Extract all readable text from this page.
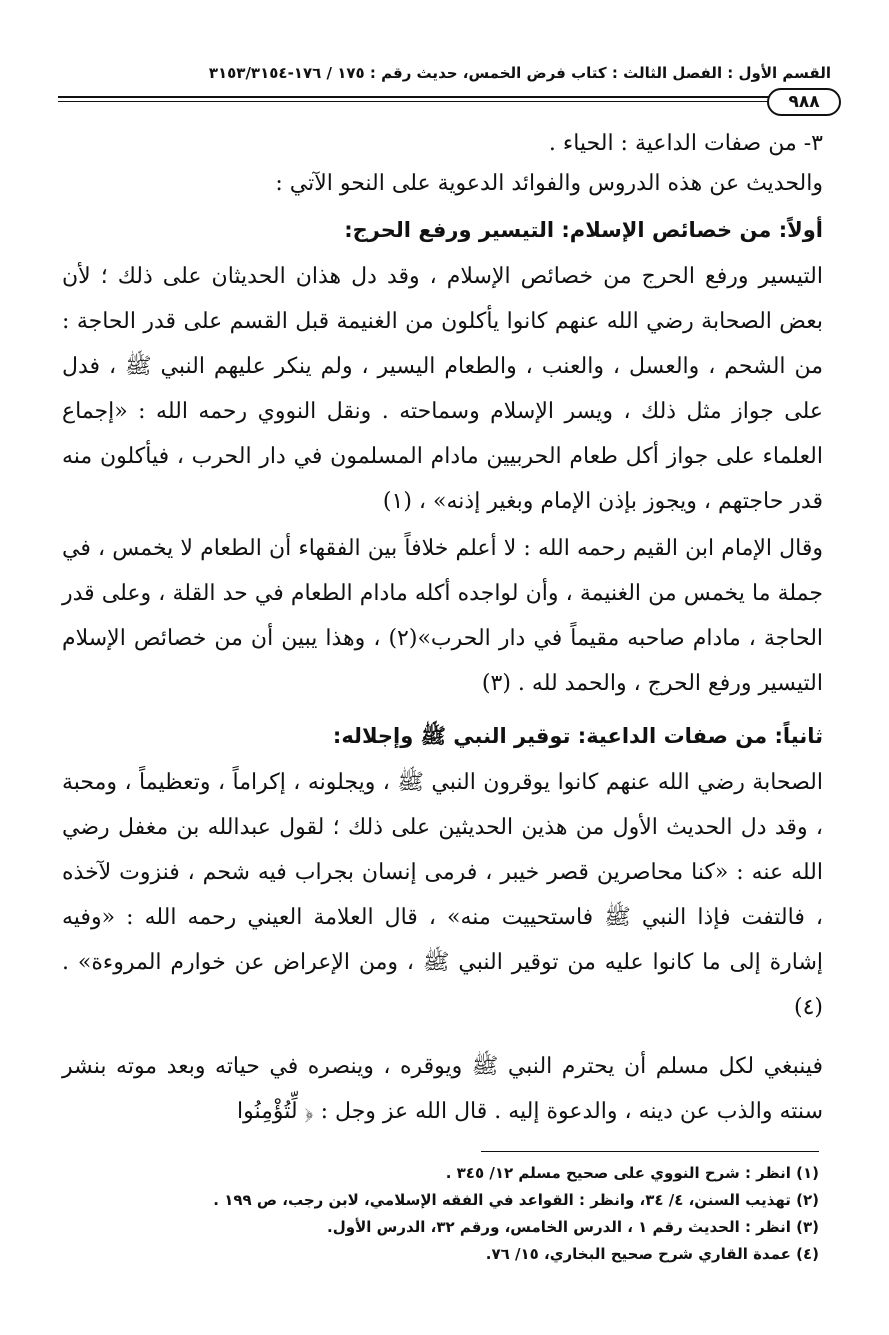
القسم الأول : الفصل الثالث : كتاب فرض الخمس، حديث رقم : ١٧٥ / ١٧٦-٣١٥٣/٣١٥٤
٩٨٨

٣- من صفات الداعية : الحياء .

والحديث عن هذه الدروس والفوائد الدعوية على النحو الآتي :

أولاً: من خصائص الإسلام: التيسير ورفع الحرج:

التيسير ورفع الحرج من خصائص الإسلام ، وقد دل هذان الحديثان على ذلك ؛ لأن بعض الصحابة رضي الله عنهم كانوا يأكلون من الغنيمة قبل القسم على قدر الحاجة : من الشحم ، والعسل ، والعنب ، والطعام اليسير ، ولم ينكر عليهم النبي ﷺ ، فدل على جواز مثل ذلك ، ويسر الإسلام وسماحته . ونقل النووي رحمه الله : «إجماع العلماء على جواز أكل طعام الحربيين مادام المسلمون في دار الحرب ، فيأكلون منه قدر حاجتهم ، ويجوز بإذن الإمام وبغير إذنه» ، (١)

وقال الإمام ابن القيم رحمه الله : لا أعلم خلافاً بين الفقهاء أن الطعام لا يخمس ، في جملة ما يخمس من الغنيمة ، وأن لواجده أكله مادام الطعام في حد القلة ، وعلى قدر الحاجة ، مادام صاحبه مقيماً في دار الحرب»(٢) ، وهذا يبين أن من خصائص الإسلام التيسير ورفع الحرج ، والحمد لله . (٣)

ثانياً: من صفات الداعية: توقير النبي ﷺ وإجلاله:

الصحابة رضي الله عنهم كانوا يوقرون النبي ﷺ ، ويجلونه ، إكراماً ، وتعظيماً ، ومحبة ، وقد دل الحديث الأول من هذين الحديثين على ذلك ؛ لقول عبدالله بن مغفل رضي الله عنه : «كنا محاصرين قصر خيبر ، فرمى إنسان بجراب فيه شحم ، فنزوت لآخذه ، فالتفت فإذا النبي ﷺ فاستحييت منه» ، قال العلامة العيني رحمه الله : «وفيه إشارة إلى ما كانوا عليه من توقير النبي ﷺ ، ومن الإعراض عن خوارم المروءة» . (٤)

فينبغي لكل مسلم أن يحترم النبي ﷺ ويوقره ، وينصره في حياته وبعد موته بنشر سنته والذب عن دينه ، والدعوة إليه . قال الله عز وجل : ﴿ لِّتُؤْمِنُوا

(١) انظر : شرح النووي على صحيح مسلم ١٢/ ٣٤٥ .

(٢) تهذيب السنن، ٤/ ٣٤، وانظر : القواعد في الفقه الإسلامي، لابن رجب، ص ١٩٩ .

(٣) انظر : الحديث رقم ١ ، الدرس الخامس، ورقم ٣٢، الدرس الأول.

(٤) عمدة القاري شرح صحيح البخاري، ١٥/ ٧٦.
